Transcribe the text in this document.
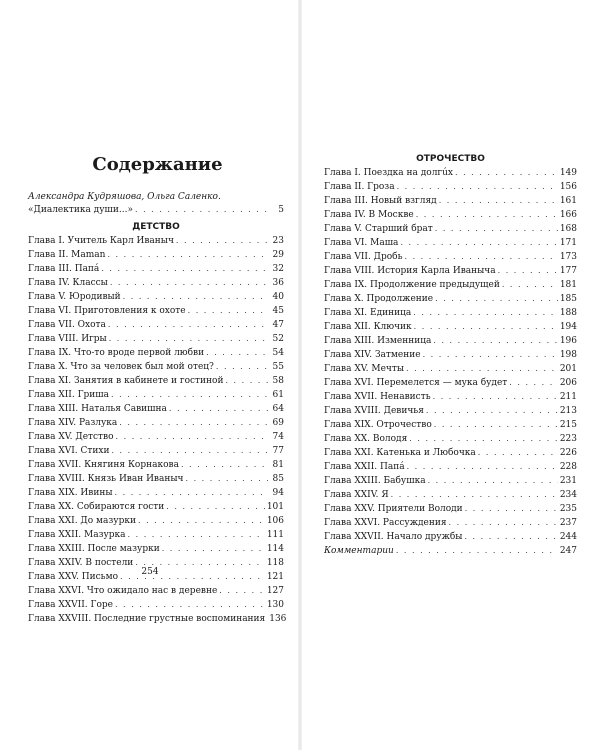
Содержание
Александра Кудряшова, Ольга Саленко.
«Диалектика души...» . . .	5
ДЕТСТВО
Глава I. Учитель Карл Иваныч . . .	23
Глава II. Maman . . .	29
Глава III. Папá . . .	32
Глава IV. Классы . . .	36
Глава V. Юродивый . . .	40
Глава VI. Приготовления к охоте . . .	45
Глава VII. Охота . . .	47
Глава VIII. Игры . . .	52
Глава IX. Что-то вроде первой любви . . .	54
Глава X. Что за человек был мой отец? . . .	55
Глава XI. Занятия в кабинете и гостиной . . .	58
Глава XII. Гриша . . .	61
Глава XIII. Наталья Савишна . . .	64
Глава XIV. Разлука . . .	69
Глава XV. Детство . . .	74
Глава XVI. Стихи . . .	77
Глава XVII. Княгиня Корнакова . . .	81
Глава XVIII. Князь Иван Иваныч . . .	85
Глава XIX. Ивины . . .	94
Глава XX. Собираются гости . . .	101
Глава XXI. До мазурки . . .	106
Глава XXII. Мазурка . . .	111
Глава XXIII. После мазурки . . .	114
Глава XXIV. В постели . . .	118
Глава XXV. Письмо . . .	121
Глава XXVI. Что ожидало нас в деревне . . .	127
Глава XXVII. Горе . . .	130
Глава XXVIII. Последние грустные воспоминания 136
254
ОТРОЧЕСТВО
Глава I. Поездка на долгúх . . .	149
Глава II. Гроза . . .	156
Глава III. Новый взгляд . . .	161
Глава IV. В Москве . . .	166
Глава V. Старший брат . . .	168
Глава VI. Маша . . .	171
Глава VII. Дробь . . .	173
Глава VIII. История Карла Иваныча . . .	177
Глава IX. Продолжение предыдущей . . .	181
Глава X. Продолжение . . .	185
Глава XI. Единица . . .	188
Глава XII. Ключик . . .	194
Глава XIII. Изменница . . .	196
Глава XIV. Затмение . . .	198
Глава XV. Мечты . . .	201
Глава XVI. Перемелется — мука будет . . .	206
Глава XVII. Ненависть . . .	211
Глава XVIII. Девичья . . .	213
Глава XIX. Отрочество . . .	215
Глава XX. Володя . . .	223
Глава XXI. Катенька и Любочка . . .	226
Глава XXII. Папá . . .	228
Глава XXIII. Бабушка . . .	231
Глава XXIV. Я . . .	234
Глава XXV. Приятели Володи . . .	235
Глава XXVI. Рассуждения . . .	237
Глава XXVII. Начало дружбы . . .	244
Комментарии . . .	247
